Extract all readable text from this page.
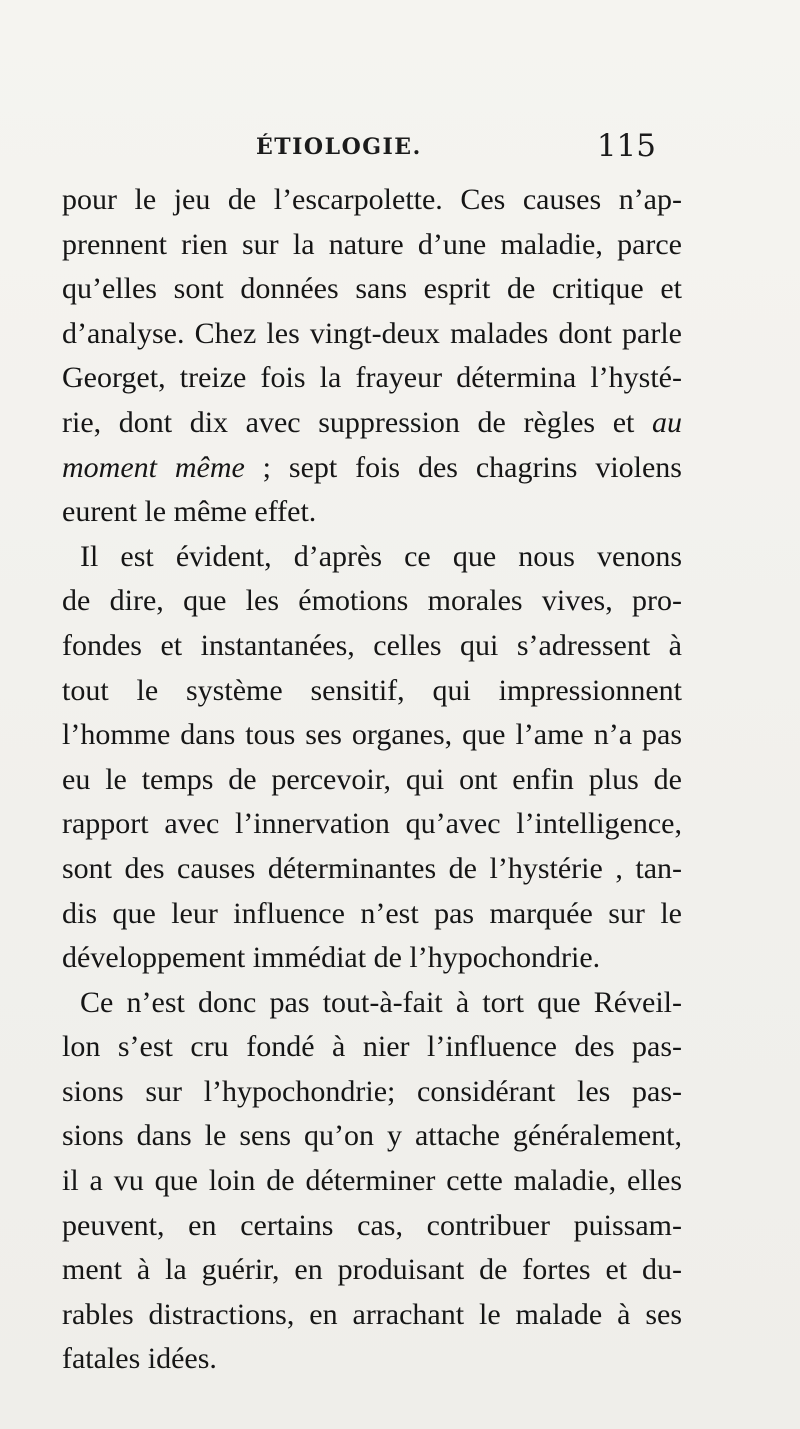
ÉTIOLOGIE.	115
pour le jeu de l’escarpolette. Ces causes n’ap-
prennent rien sur la nature d’une maladie, parce
qu’elles sont données sans esprit de critique et
d’analyse. Chez les vingt-deux malades dont parle
Georget, treize fois la frayeur détermina l’hysté-
rie, dont dix avec suppression de règles et au
moment même ; sept fois des chagrins violens
eurent le même effet.
Il est évident, d’après ce que nous venons
de dire, que les émotions morales vives, pro-
fondes et instantanées, celles qui s’adressent à
tout le système sensitif, qui impressionnent
l’homme dans tous ses organes, que l’ame n’a pas
eu le temps de percevoir, qui ont enfin plus de
rapport avec l’innervation qu’avec l’intelligence,
sont des causes déterminantes de l’hystérie , tan-
dis que leur influence n’est pas marquée sur le
développement immédiat de l’hypochondrie.
Ce n’est donc pas tout-à-fait à tort que Réveil-
lon s’est cru fondé à nier l’influence des pas-
sions sur l’hypochondrie; considérant les pas-
sions dans le sens qu’on y attache généralement,
il a vu que loin de déterminer cette maladie, elles
peuvent, en certains cas, contribuer puissam-
ment à la guérir, en produisant de fortes et du-
rables distractions, en arrachant le malade à ses
fatales idées.
